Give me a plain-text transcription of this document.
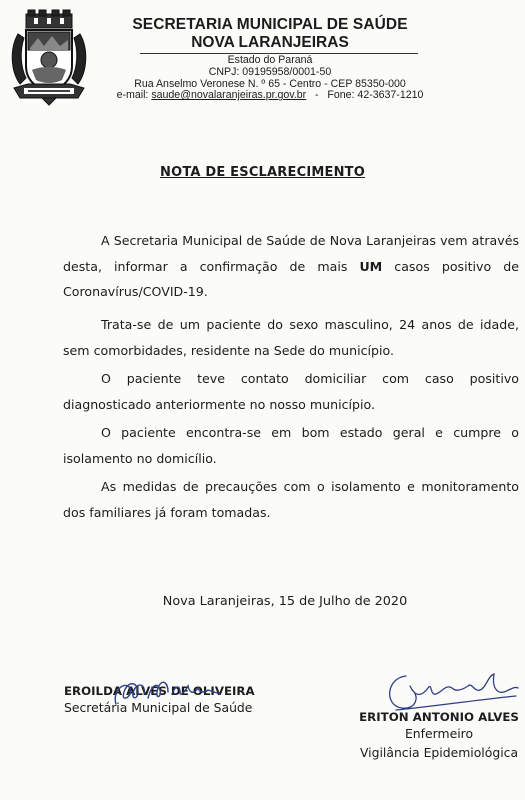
SECRETARIA MUNICIPAL DE SAÚDE
NOVA LARANJEIRAS
Estado do Paraná
CNPJ: 09195958/0001-50
Rua Anselmo Veronese N. º 65 - Centro - CEP 85350-000
e-mail: saude@novalaranjeiras.pr.gov.br - Fone: 42-3637-1210
NOTA DE ESCLARECIMENTO

A Secretaria Municipal de Saúde de Nova Laranjeiras vem através desta, informar a confirmação de mais UM casos positivo de Coronavírus/COVID-19.

Trata-se de um paciente do sexo masculino, 24 anos de idade, sem comorbidades, residente na Sede do município.

O paciente teve contato domiciliar com caso positivo diagnosticado anteriormente no nosso município.

O paciente encontra-se em bom estado geral e cumpre o isolamento no domicílio.

As medidas de precauções com o isolamento e monitoramento dos familiares já foram tomadas.

Nova Laranjeiras, 15 de Julho de 2020
EROILDA ALVES DE OLIVEIRA
Secretária Municipal de Saúde
ERITON ANTONIO ALVES
Enfermeiro
Vigilância Epidemiológica
